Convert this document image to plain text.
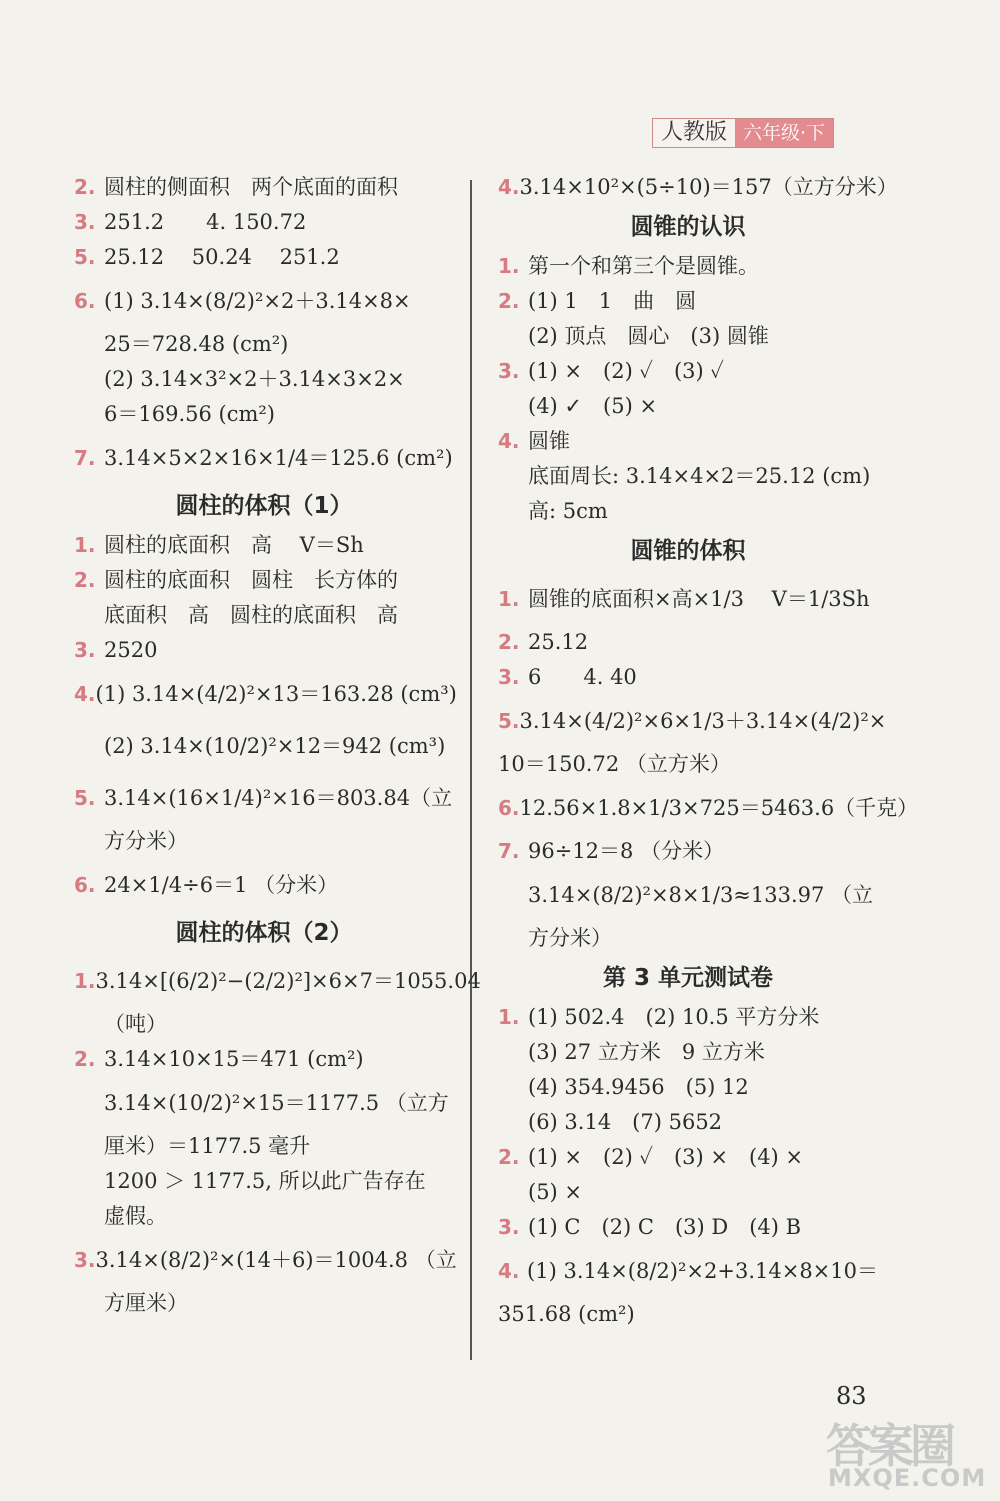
人教版 六年级·下
2. 圆柱的侧面积　两个底面的面积
3. 251.2　　4. 150.72
5. 25.12　 50.24　 251.2
6. (1) 3.14×(8/2)²×2＋3.14×8×
25＝728.48 (cm²)
(2) 3.14×3²×2＋3.14×3×2×
6＝169.56 (cm²)
7. 3.14×5×2×16×1/4＝125.6 (cm²)
圆柱的体积（1）
1. 圆柱的底面积　高　 V＝Sh
2. 圆柱的底面积　圆柱　长方体的
底面积　高　圆柱的底面积　高
3. 2520
4. (1) 3.14×(4/2)²×13＝163.28 (cm³)
(2) 3.14×(10/2)²×12＝942 (cm³)
5. 3.14×(16×1/4)²×16＝803.84（立
方分米）
6. 24×1/4÷6＝1 （分米）
圆柱的体积（2）
1. 3.14×[(6/2)²−(2/2)²]×6×7＝1055.04
（吨）
2. 3.14×10×15＝471 (cm²)
3.14×(10/2)²×15＝1177.5 （立方
厘米）＝1177.5 毫升
1200 ＞ 1177.5, 所以此广告存在
虚假。
3. 3.14×(8/2)²×(14＋6)＝1004.8 （立
方厘米）
4. 3.14×10²×(5÷10)＝157（立方分米）
圆锥的认识
1. 第一个和第三个是圆锥。
2. (1) 1　1　曲　圆
(2) 顶点　圆心　(3) 圆锥
3. (1) ×　(2) ✓　(3) ✓
(4) ✓　(5) ×
4. 圆锥
底面周长: 3.14×4×2＝25.12 (cm)
高: 5cm
圆锥的体积
1. 圆锥的底面积×高×1/3　 V＝1/3Sh
2. 25.12
3. 6　　4. 40
5. 3.14×(4/2)²×6×1/3＋3.14×(4/2)²×
10＝150.72 （立方米）
6. 12.56×1.8×1/3×725＝5463.6（千克）
7. 96÷12＝8 （分米）
3.14×(8/2)²×8×1/3≈133.97 （立
方分米）
第 3 单元测试卷
1. (1) 502.4　(2) 10.5 平方分米
(3) 27 立方米　9 立方米
(4) 354.9456　(5) 12
(6) 3.14　(7) 5652
2. (1) ×　(2) ✓　(3) ×　(4) ×
(5) ×
3. (1) C　(2) C　(3) D　(4) B
4. (1) 3.14×(8/2)²×2+3.14×8×10＝
351.68 (cm²)
83
答案圈
MXQE.COM
